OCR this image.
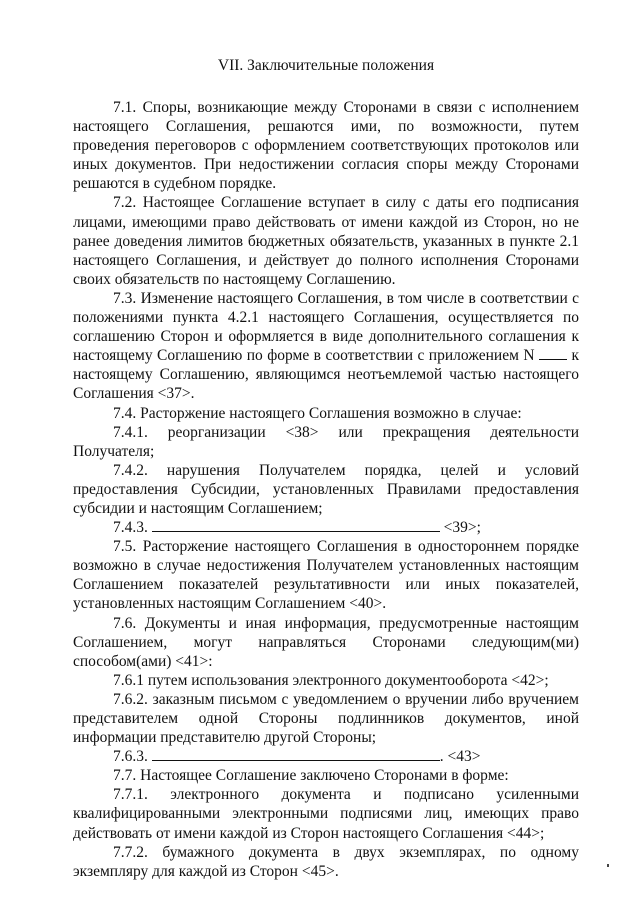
VII. Заключительные положения

7.1. Споры, возникающие между Сторонами в связи с исполнением настоящего Соглашения, решаются ими, по возможности, путем проведения переговоров с оформлением соответствующих протоколов или иных документов. При недостижении согласия споры между Сторонами решаются в судебном порядке.

7.2. Настоящее Соглашение вступает в силу с даты его подписания лицами, имеющими право действовать от имени каждой из Сторон, но не ранее доведения лимитов бюджетных обязательств, указанных в пункте 2.1 настоящего Соглашения, и действует до полного исполнения Сторонами своих обязательств по настоящему Соглашению.

7.3. Изменение настоящего Соглашения, в том числе в соответствии с положениями пункта 4.2.1 настоящего Соглашения, осуществляется по соглашению Сторон и оформляется в виде дополнительного соглашения к настоящему Соглашению по форме в соответствии с приложением N к настоящему Соглашению, являющимся неотъемлемой частью настоящего Соглашения <37>.

7.4. Расторжение настоящего Соглашения возможно в случае:

7.4.1. реорганизации <38> или прекращения деятельности Получателя;

7.4.2. нарушения Получателем порядка, целей и условий предоставления Субсидии, установленных Правилами предоставления субсидии и настоящим Соглашением;

7.4.3.	<39>;

7.5. Расторжение настоящего Соглашения в одностороннем порядке возможно в случае недостижения Получателем установленных настоящим Соглашением показателей результативности или иных показателей, установленных настоящим Соглашением <40>.

7.6. Документы и иная информация, предусмотренные настоящим Соглашением, могут направляться Сторонами следующим(ми) способом(ами) <41>:

7.6.1 путем использования электронного документооборота <42>;

7.6.2. заказным письмом с уведомлением о вручении либо вручением представителем одной Стороны подлинников документов, иной информации представителю другой Стороны;

7.6.3.	. <43>

7.7. Настоящее Соглашение заключено Сторонами в форме:

7.7.1. электронного документа и подписано усиленными квалифицированными электронными подписями лиц, имеющих право действовать от имени каждой из Сторон настоящего Соглашения <44>;

7.7.2. бумажного документа в двух экземплярах, по одному экземпляру для каждой из Сторон <45>.
